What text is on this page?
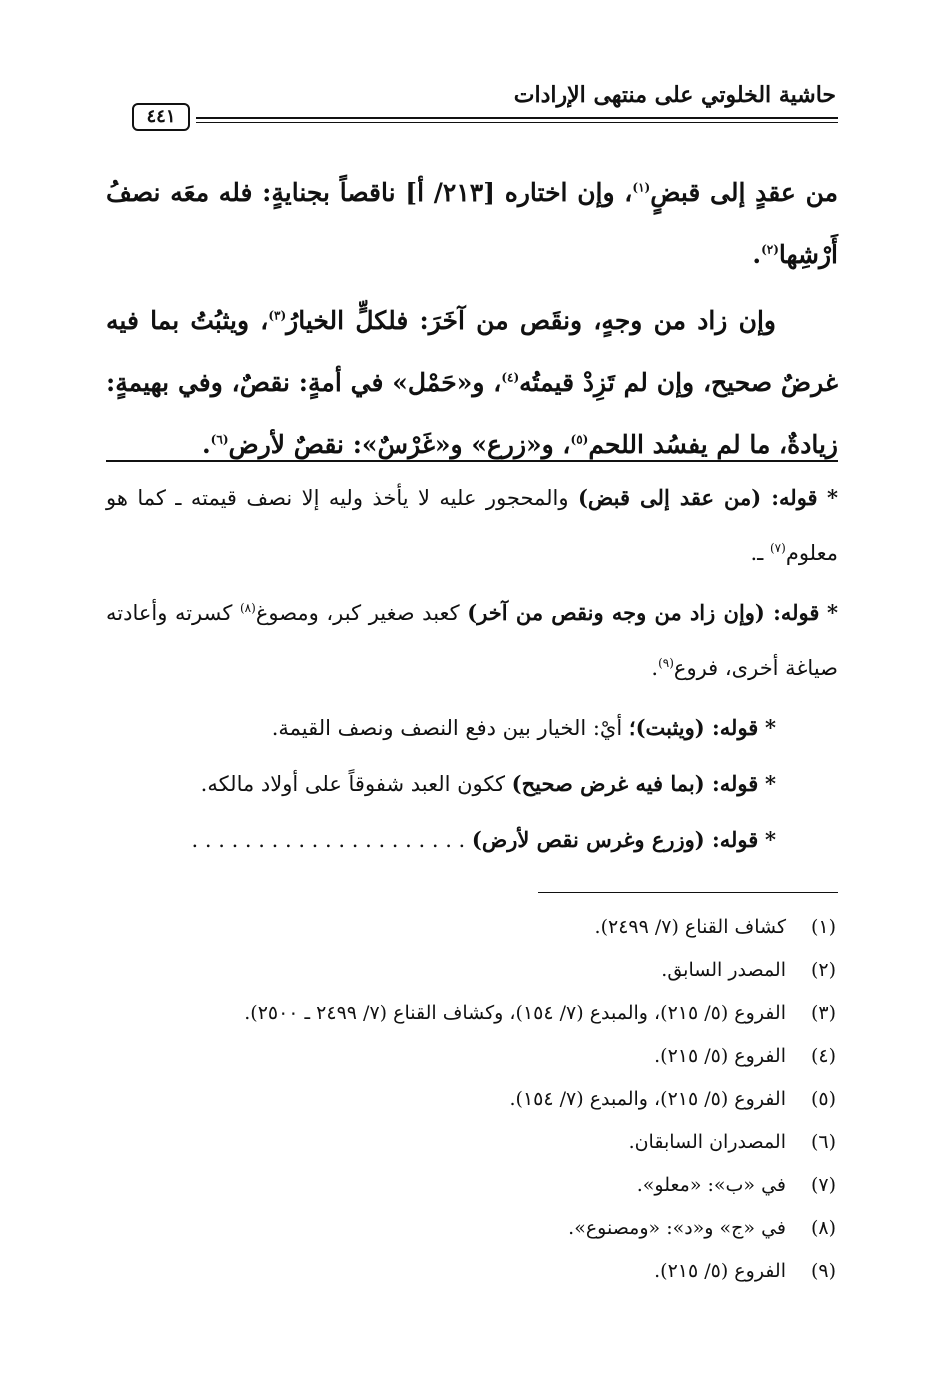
حاشية الخلوتي على منتهى الإرادات
٤٤١

من عقدٍ إلى قبضٍ$^{(١)}$، وإن اختاره [٢١٣/ أ] ناقصاً بجنايةٍ: فله معَه نصفُ أَرْشِها$^{(٢)}$.

وإن زاد من وجهٍ، ونقَص من آخَرَ: فلكلٍّ الخيارُ$^{(٣)}$، ويثبُتُ بما فيه غرضٌ صحيح، وإن لم تَزِدْ قيمتُه$^{(٤)}$، و«حَمْل» في أمةٍ: نقصٌ، وفي بهيمةٍ: زيادةٌ، ما لم يفسُد اللحم$^{(٥)}$، و«زرع» و«غَرْسٌ»: نقصٌ لأرض$^{(٦)}$.

* قوله: (من عقد إلى قبض) والمحجور عليه لا يأخذ وليه إلا نصف قيمته ـ كما هو معلوم$^{(٧)}$ ـ.

* قوله: (وإن زاد من وجه ونقص من آخر) كعبد صغير كبر، ومصوغ$^{(٨)}$ كسرته وأعادته صياغة أخرى، فروع$^{(٩)}$.

* قوله: (ويثبت)؛ أيْ: الخيار بين دفع النصف ونصف القيمة.

* قوله: (بما فيه غرض صحيح) ككون العبد شفوقاً على أولاد مالكه.

* قوله: (وزرع وغرس نقص لأرض) . . . . . . . . . . . . . . . . . . . . .

(١)
كشاف القناع (٧/ ٢٤٩٩).
(٢)
المصدر السابق.
(٣)
الفروع (٥/ ٢١٥)، والمبدع (٧/ ١٥٤)، وكشاف القناع (٧/ ٢٤٩٩ ـ ٢٥٠٠).
(٤)
الفروع (٥/ ٢١٥).
(٥)
الفروع (٥/ ٢١٥)، والمبدع (٧/ ١٥٤).
(٦)
المصدران السابقان.
(٧)
في «ب»: «معلو».
(٨)
في «ج» و«د»: «ومصنوع».
(٩)
الفروع (٥/ ٢١٥).
